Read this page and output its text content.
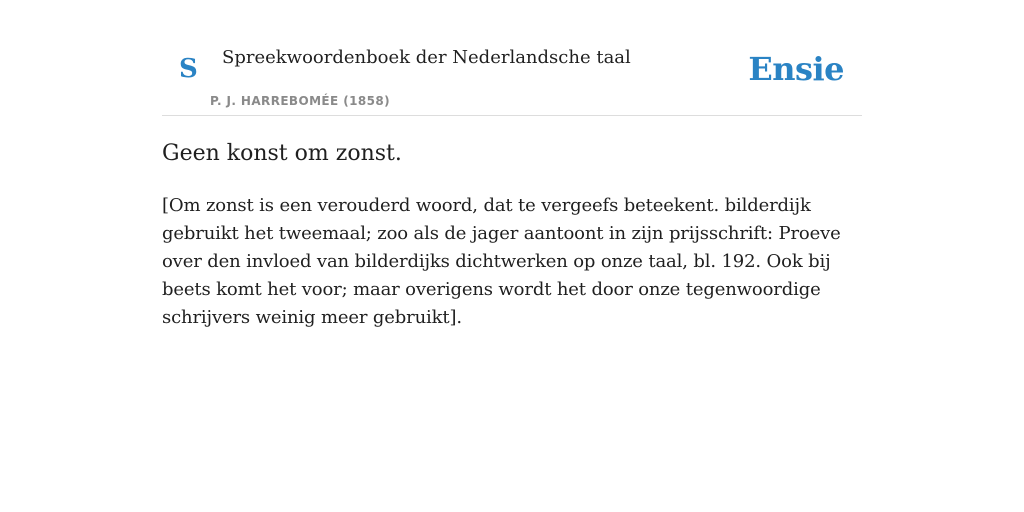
S Spreekwoordenboek der Nederlandsche taal
P. J. HARREBOMÉE (1858)
Ensie
Geen konst om zonst.

[Om zonst is een verouderd woord, dat te vergeefs beteekent. bilderdijk gebruikt het tweemaal; zoo als de jager aantoont in zijn prijsschrift: Proeve over den invloed van bilderdijks dichtwerken op onze taal, bl. 192. Ook bij beets komt het voor; maar overigens wordt het door onze tegenwoordige schrijvers weinig meer gebruikt].
